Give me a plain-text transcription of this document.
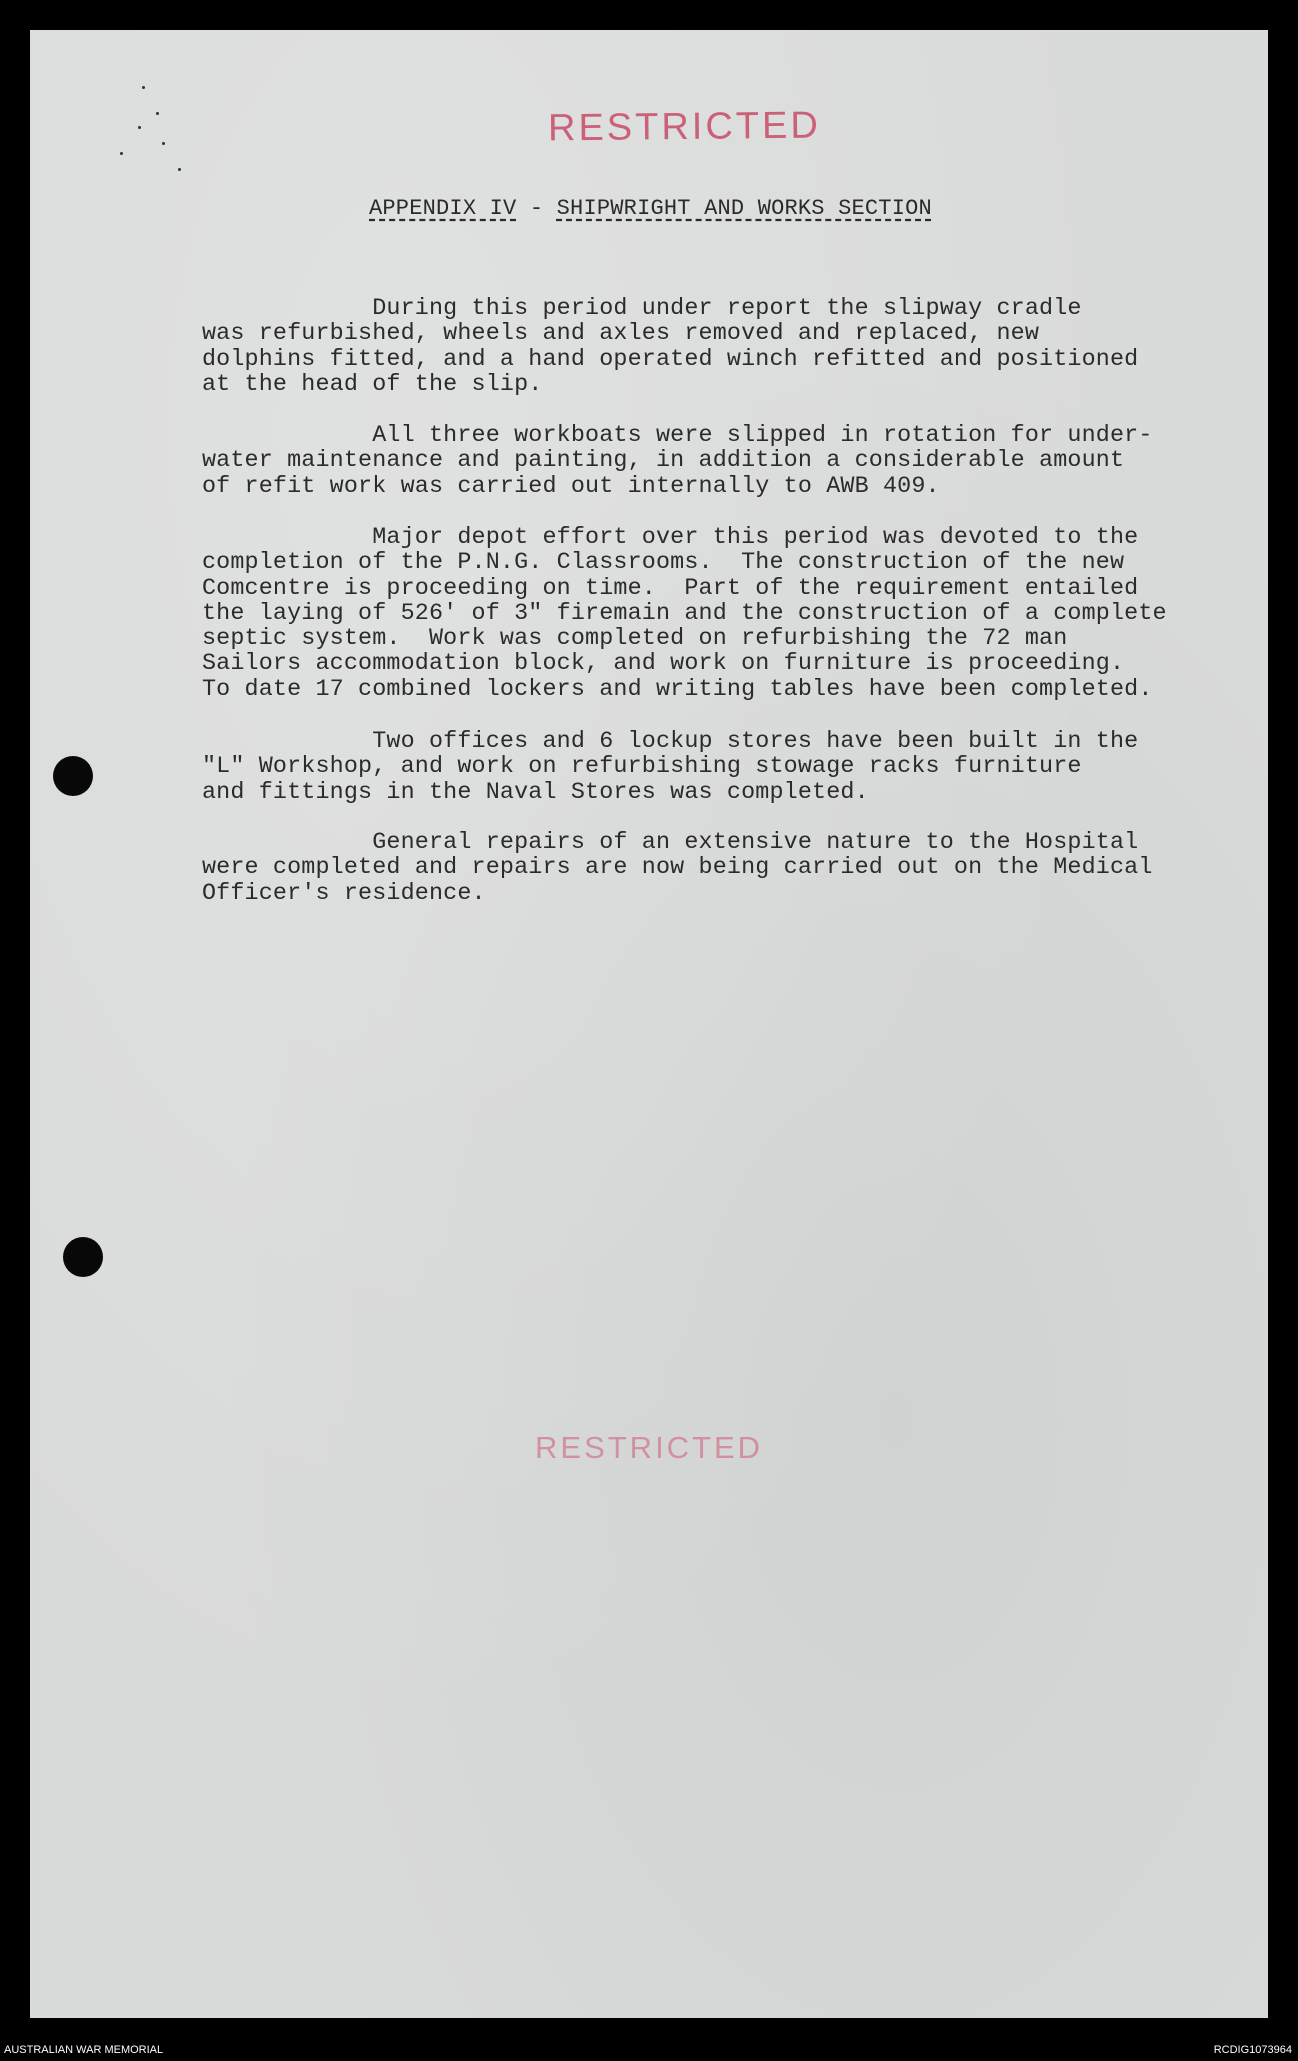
RESTRICTED
APPENDIX IV - SHIPWRIGHT AND WORKS SECTION
During this period under report the slipway cradle
was refurbished, wheels and axles removed and replaced, new
dolphins fitted, and a hand operated winch refitted and positioned
at the head of the slip.
All three workboats were slipped in rotation for under-
water maintenance and painting, in addition a considerable amount
of refit work was carried out internally to AWB 409.
Major depot effort over this period was devoted to the
completion of the P.N.G. Classrooms.  The construction of the new
Comcentre is proceeding on time.  Part of the requirement entailed
the laying of 526' of 3" firemain and the construction of a complete
septic system.  Work was completed on refurbishing the 72 man
Sailors accommodation block, and work on furniture is proceeding.
To date 17 combined lockers and writing tables have been completed.
Two offices and 6 lockup stores have been built in the
"L" Workshop, and work on refurbishing stowage racks furniture
and fittings in the Naval Stores was completed.
General repairs of an extensive nature to the Hospital
were completed and repairs are now being carried out on the Medical
Officer's residence.
RESTRICTED
AUSTRALIAN WAR MEMORIAL	RCDIG1073964
